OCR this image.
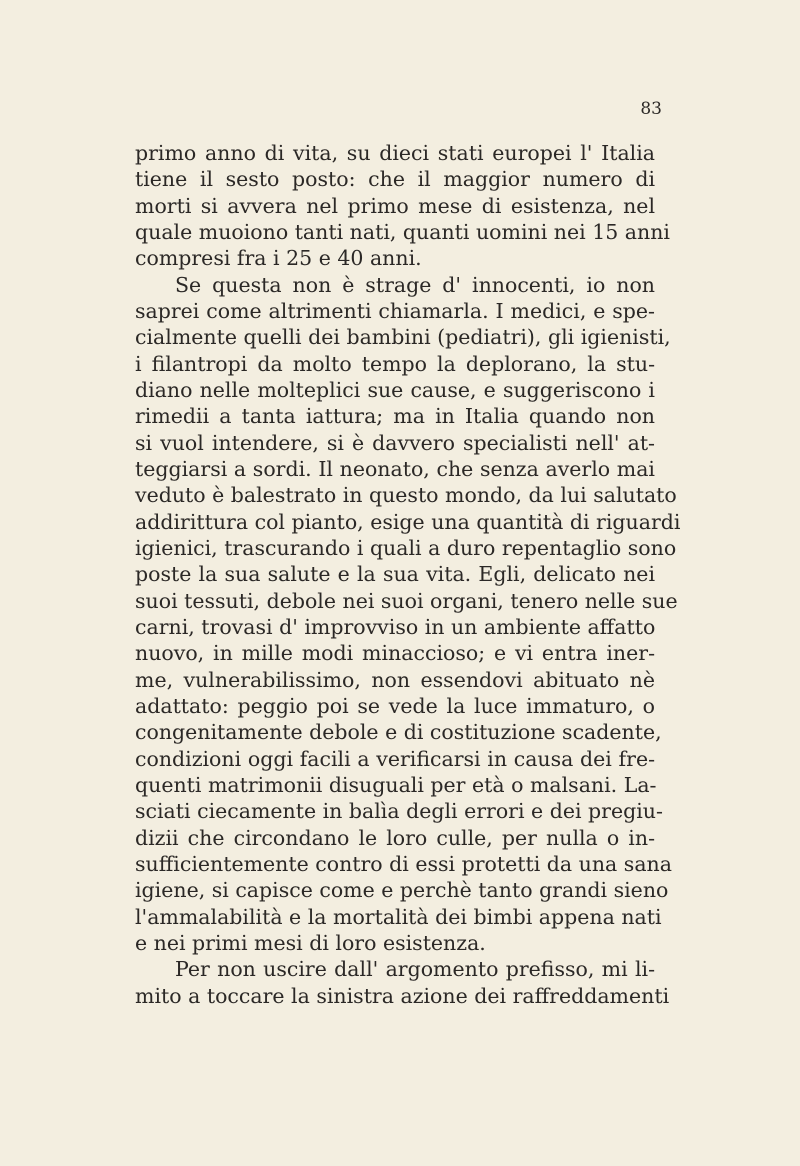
83
primo anno di vita, su dieci stati europei l' Italia
tiene il sesto posto: che il maggior numero di
morti si avvera nel primo mese di esistenza, nel
quale muoiono tanti nati, quanti uomini nei 15 anni
compresi fra i 25 e 40 anni.
Se questa non è strage d' innocenti, io non
saprei come altrimenti chiamarla. I medici, e spe-
cialmente quelli dei bambini (pediatri), gli igienisti,
i filantropi da molto tempo la deplorano, la stu-
diano nelle molteplici sue cause, e suggeriscono i
rimedii a tanta iattura; ma in Italia quando non
si vuol intendere, si è davvero specialisti nell' at-
teggiarsi a sordi. Il neonato, che senza averlo mai
veduto è balestrato in questo mondo, da lui salutato
addirittura col pianto, esige una quantità di riguardi
igienici, trascurando i quali a duro repentaglio sono
poste la sua salute e la sua vita. Egli, delicato nei
suoi tessuti, debole nei suoi organi, tenero nelle sue
carni, trovasi d' improvviso in un ambiente affatto
nuovo, in mille modi minaccioso; e vi entra iner-
me, vulnerabilissimo, non essendovi abituato nè
adattato: peggio poi se vede la luce immaturo, o
congenitamente debole e di costituzione scadente,
condizioni oggi facili a verificarsi in causa dei fre-
quenti matrimonii disuguali per età o malsani. La-
sciati ciecamente in balìa degli errori e dei pregiu-
dizii che circondano le loro culle, per nulla o in-
sufficientemente contro di essi protetti da una sana
igiene, si capisce come e perchè tanto grandi sieno
l'ammalabilità e la mortalità dei bimbi appena nati
e nei primi mesi di loro esistenza.
Per non uscire dall' argomento prefisso, mi li-
mito a toccare la sinistra azione dei raffreddamenti
